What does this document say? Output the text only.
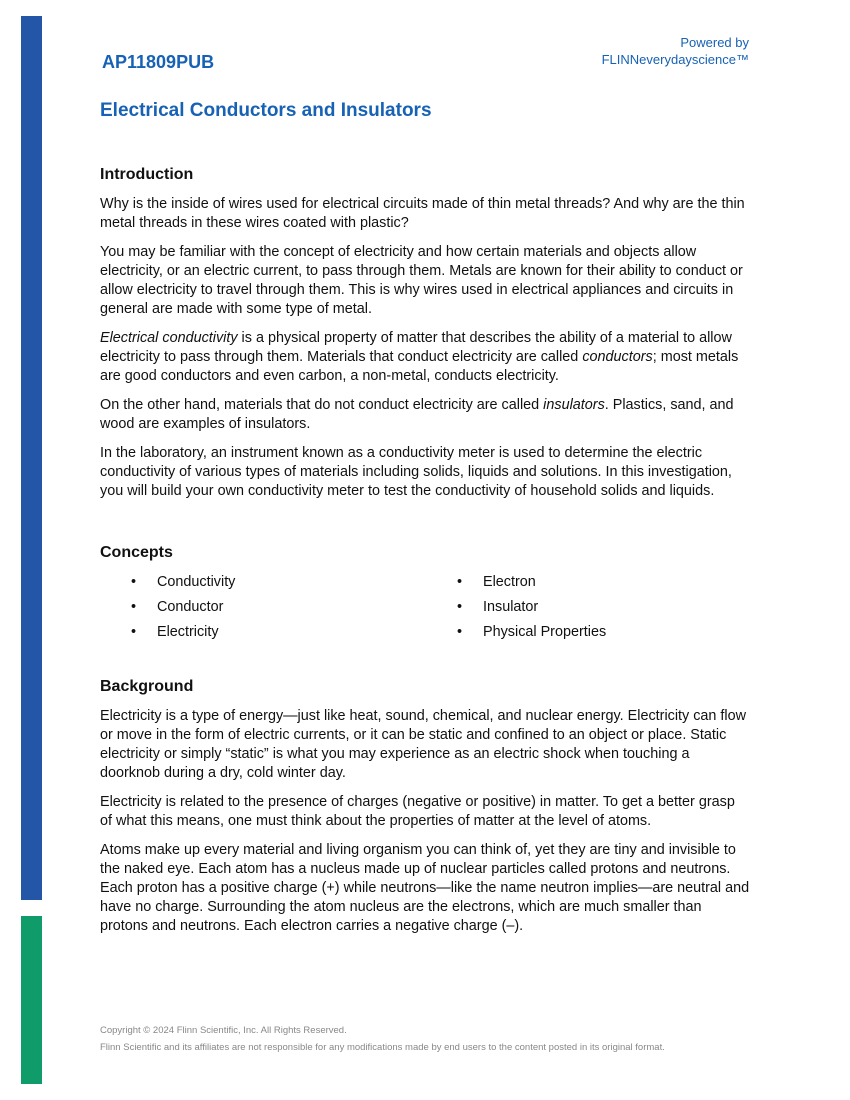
AP11809PUB
Powered by
FLINNeverydayscience™
Electrical Conductors and Insulators
Introduction

Why is the inside of wires used for electrical circuits made of thin metal threads? And why are the thin metal threads in these wires coated with plastic?

You may be familiar with the concept of electricity and how certain materials and objects allow electricity, or an electric current, to pass through them. Metals are known for their ability to conduct or allow electricity to travel through them. This is why wires used in electrical appliances and circuits in general are made with some type of metal.

Electrical conductivity is a physical property of matter that describes the ability of a material to allow electricity to pass through them. Materials that conduct electricity are called conductors; most metals are good conductors and even carbon, a non-metal, conducts electricity.

On the other hand, materials that do not conduct electricity are called insulators. Plastics, sand, and wood are examples of insulators.

In the laboratory, an instrument known as a conductivity meter is used to determine the electric conductivity of various types of materials including solids, liquids and solutions. In this investigation, you will build your own conductivity meter to test the conductivity of household solids and liquids.

Concepts
• Conductivity	• Electron
• Conductor	• Insulator
• Electricity	• Physical Properties
Background

Electricity is a type of energy—just like heat, sound, chemical, and nuclear energy. Electricity can flow or move in the form of electric currents, or it can be static and confined to an object or place. Static electricity or simply “static” is what you may experience as an electric shock when touching a doorknob during a dry, cold winter day.

Electricity is related to the presence of charges (negative or positive) in matter. To get a better grasp of what this means, one must think about the properties of matter at the level of atoms.

Atoms make up every material and living organism you can think of, yet they are tiny and invisible to the naked eye. Each atom has a nucleus made up of nuclear particles called protons and neutrons. Each proton has a positive charge (+) while neutrons—like the name neutron implies—are neutral and have no charge. Surrounding the atom nucleus are the electrons, which are much smaller than protons and neutrons. Each electron carries a negative charge (–).

Copyright © 2024 Flinn Scientific, Inc. All Rights Reserved.
Flinn Scientific and its affiliates are not responsible for any modifications made by end users to the content posted in its original format.
